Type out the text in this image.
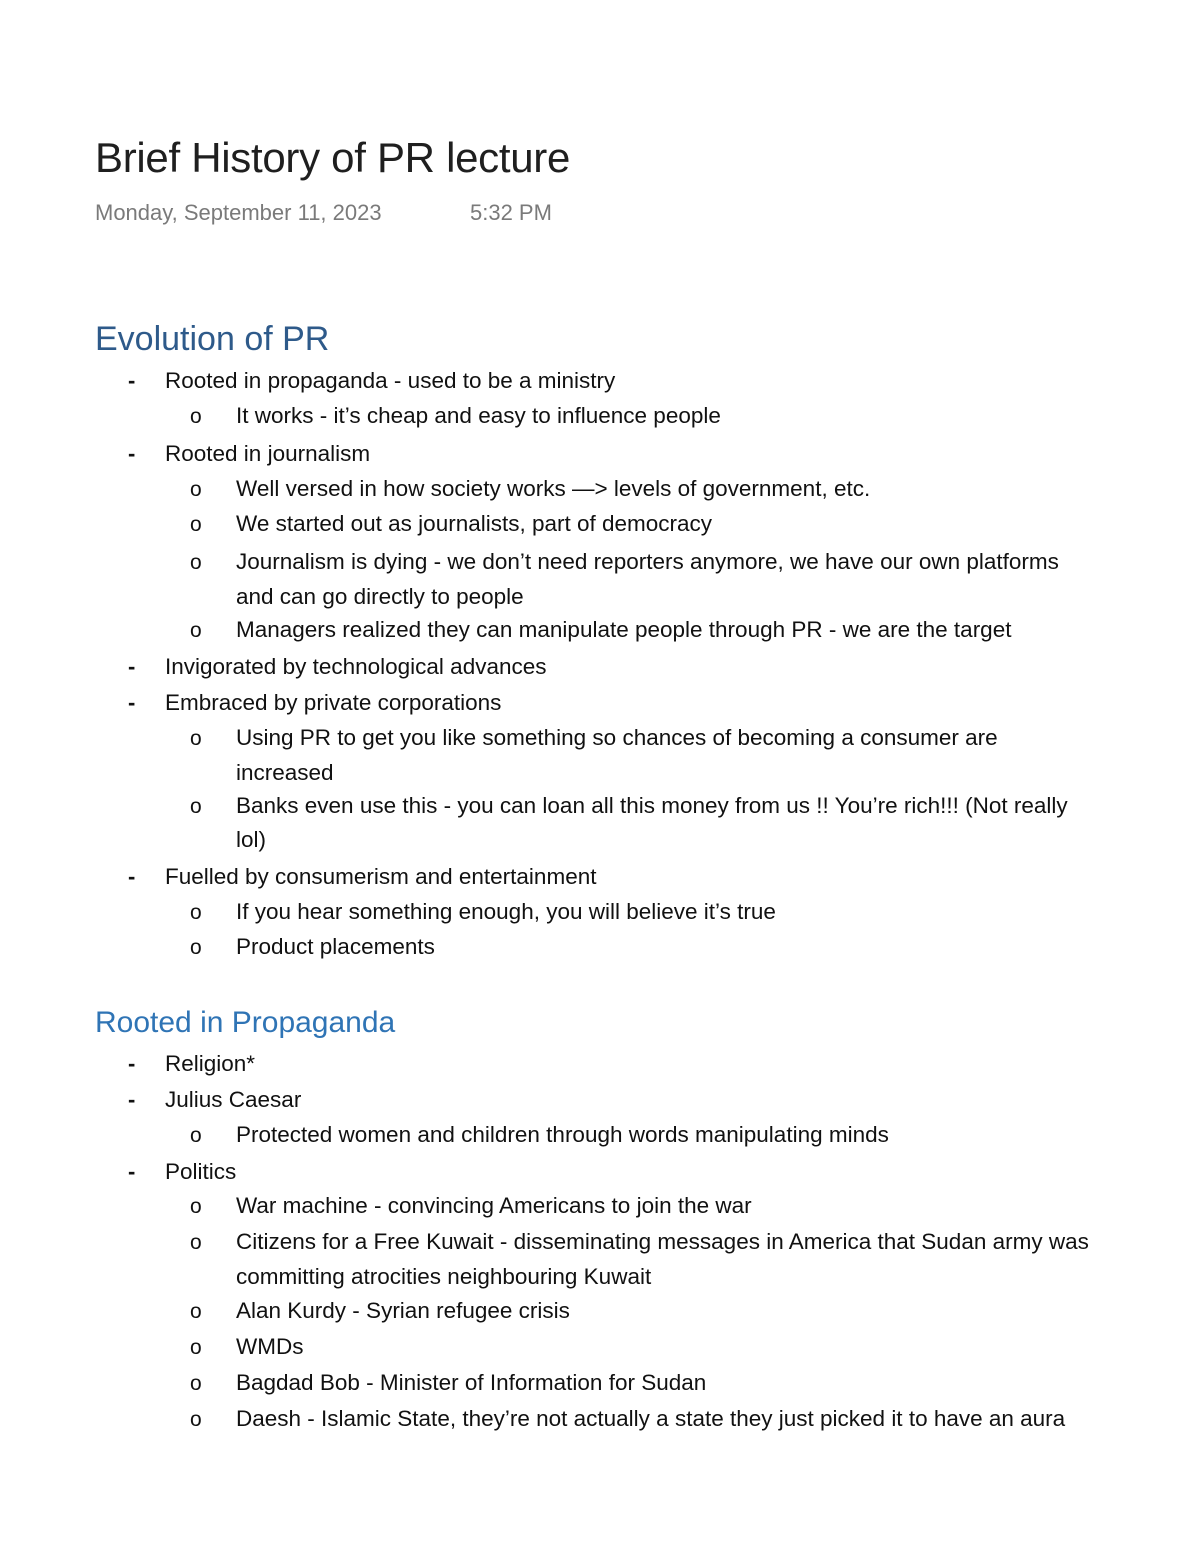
Brief History of PR lecture
Monday, September 11, 2023	5:32 PM
Evolution of PR
- Rooted in propaganda - used to be a ministry
o It works - it’s cheap and easy to influence people
- Rooted in journalism
o Well versed in how society works —> levels of government, etc.
o We started out as journalists, part of democracy
o Journalism is dying - we don’t need reporters anymore, we have our own platforms
and can go directly to people
o Managers realized they can manipulate people through PR - we are the target
- Invigorated by technological advances
- Embraced by private corporations
o Using PR to get you like something so chances of becoming a consumer are
increased
o Banks even use this - you can loan all this money from us !! You’re rich!!! (Not really
lol)
- Fuelled by consumerism and entertainment
o If you hear something enough, you will believe it’s true
o Product placements
Rooted in Propaganda
- Religion*
- Julius Caesar
o Protected women and children through words manipulating minds
- Politics
o War machine - convincing Americans to join the war
o Citizens for a Free Kuwait - disseminating messages in America that Sudan army was
committing atrocities neighbouring Kuwait
o Alan Kurdy - Syrian refugee crisis
o WMDs
o Bagdad Bob - Minister of Information for Sudan
o Daesh - Islamic State, they’re not actually a state they just picked it to have an aura
